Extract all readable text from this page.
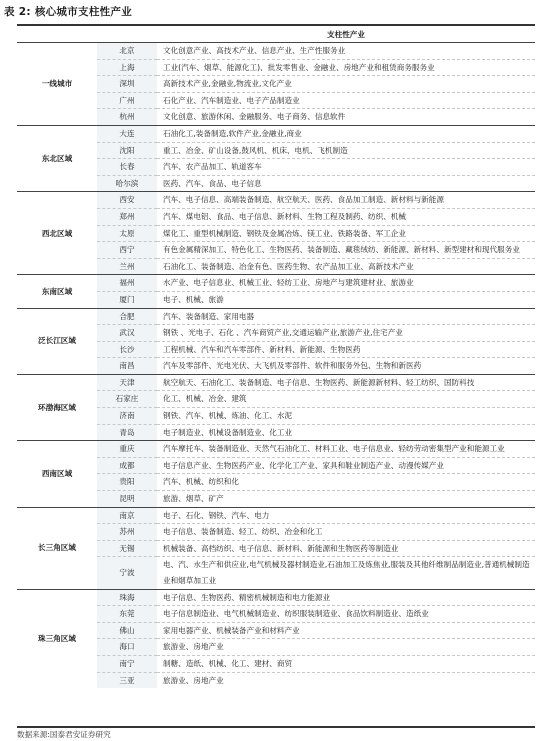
表 2: 核心城市支柱性产业
		支柱性产业
一线城市	北京	文化创意产业、高技术产业、信息产业、生产性服务业
	上海	工业(汽车、烟草、能源化工)、批发零售业、金融业、房地产业和租赁商务服务业
	深圳	高新技术产业,金融业,物流业,文化产业
	广州	石化产业、汽车制造业、电子产品制造业
	杭州	文化创意、旅游休闲、金融服务、电子商务、信息软件
东北区域	大连	石油化工,装备制造,软件产业,金融业,商业
	沈阳	重工、冶金、矿山设备,鼓风机、机床、电机、飞机制造
	长春	汽车、农产品加工、轨道客车
	哈尔滨	医药、汽车、食品、电子信息
西北区域	西安	汽车、电子信息、高端装备制造、航空航天、医药、食品加工制造、新材料与新能源
	郑州	汽车、煤电铝、食品、电子信息、新材料、生物工程及制药、纺织、机械
	太原	煤化工、重型机械制造、钢铁及金属冶炼、镁工业、铁路装备、军工企业
	西宁	有色金属精深加工、特色化工、生物医药、装备制造、藏毯绒纺、新能源、新材料、新型建材和现代服务业
	兰州	石油化工、装备制造、冶金有色、医药生物、农产品加工业、高新技术产业
东南区域	福州	水产业、电子信息业、机械工业、轻纺工业、房地产与建筑建材业、旅游业
	厦门	电子、机械、旅游
泛长江区域	合肥	汽车、装备制造、家用电器
	武汉	钢铁 、光电子、石化 、汽车商贸产业,交通运输产业,旅游产业,住宅产业
	长沙	工程机械、汽车和汽车零部件、新材料、新能源、生物医药
	南昌	汽车及零部件、光电光伏、大飞机及零部件、软件和服务外包、生物和新医药
环渤海区域	天津	航空航天、石油化工、装备制造、电子信息、生物医药、新能源新材料、轻工纺织、国防科技
	石家庄	化工、机械、冶金、建筑
	济南	钢铁、汽车、机械、炼油、化工、水泥
	青岛	电子制造业、机械设备制造业、化工业
西南区域	重庆	汽车摩托车、装备制造业、天然气石油化工、材料工业、电子信息业、轻纺劳动密集型产业和能源工业
	成都	电子信息产业、生物医药产业、化学化工产业、家具和鞋业制造产业、动漫传媒产业
	贵阳	汽车、机械、纺织和化
	昆明	旅游、烟草、矿产
长三角区域	南京	电子、石化、钢铁、汽车、电力
	苏州	电子信息、装备制造、轻工、纺织、冶金和化工
	无锡	机械装备、高档纺织、电子信息、新材料、新能源和生物医药等制造业
	宁波	电、汽、水生产和供应业,电气机械及器材制造业,石油加工及炼焦业,服装及其他纤维制品制造业,普通机械制造业和烟草加工业
珠三角区域	珠海	电子信息、生物医药、精密机械制造和电力能源业
	东莞	电子信息制造业、电气机械制造业、纺织服装制造业、食品饮料制造业、造纸业
	佛山	家用电器产业、机械装备产业和材料产业
	海口	旅游业、房地产业
	南宁	制糖、造纸、机械、化工、建材、商贸
	三亚	旅游业、房地产业
数据来源:国泰君安证券研究
